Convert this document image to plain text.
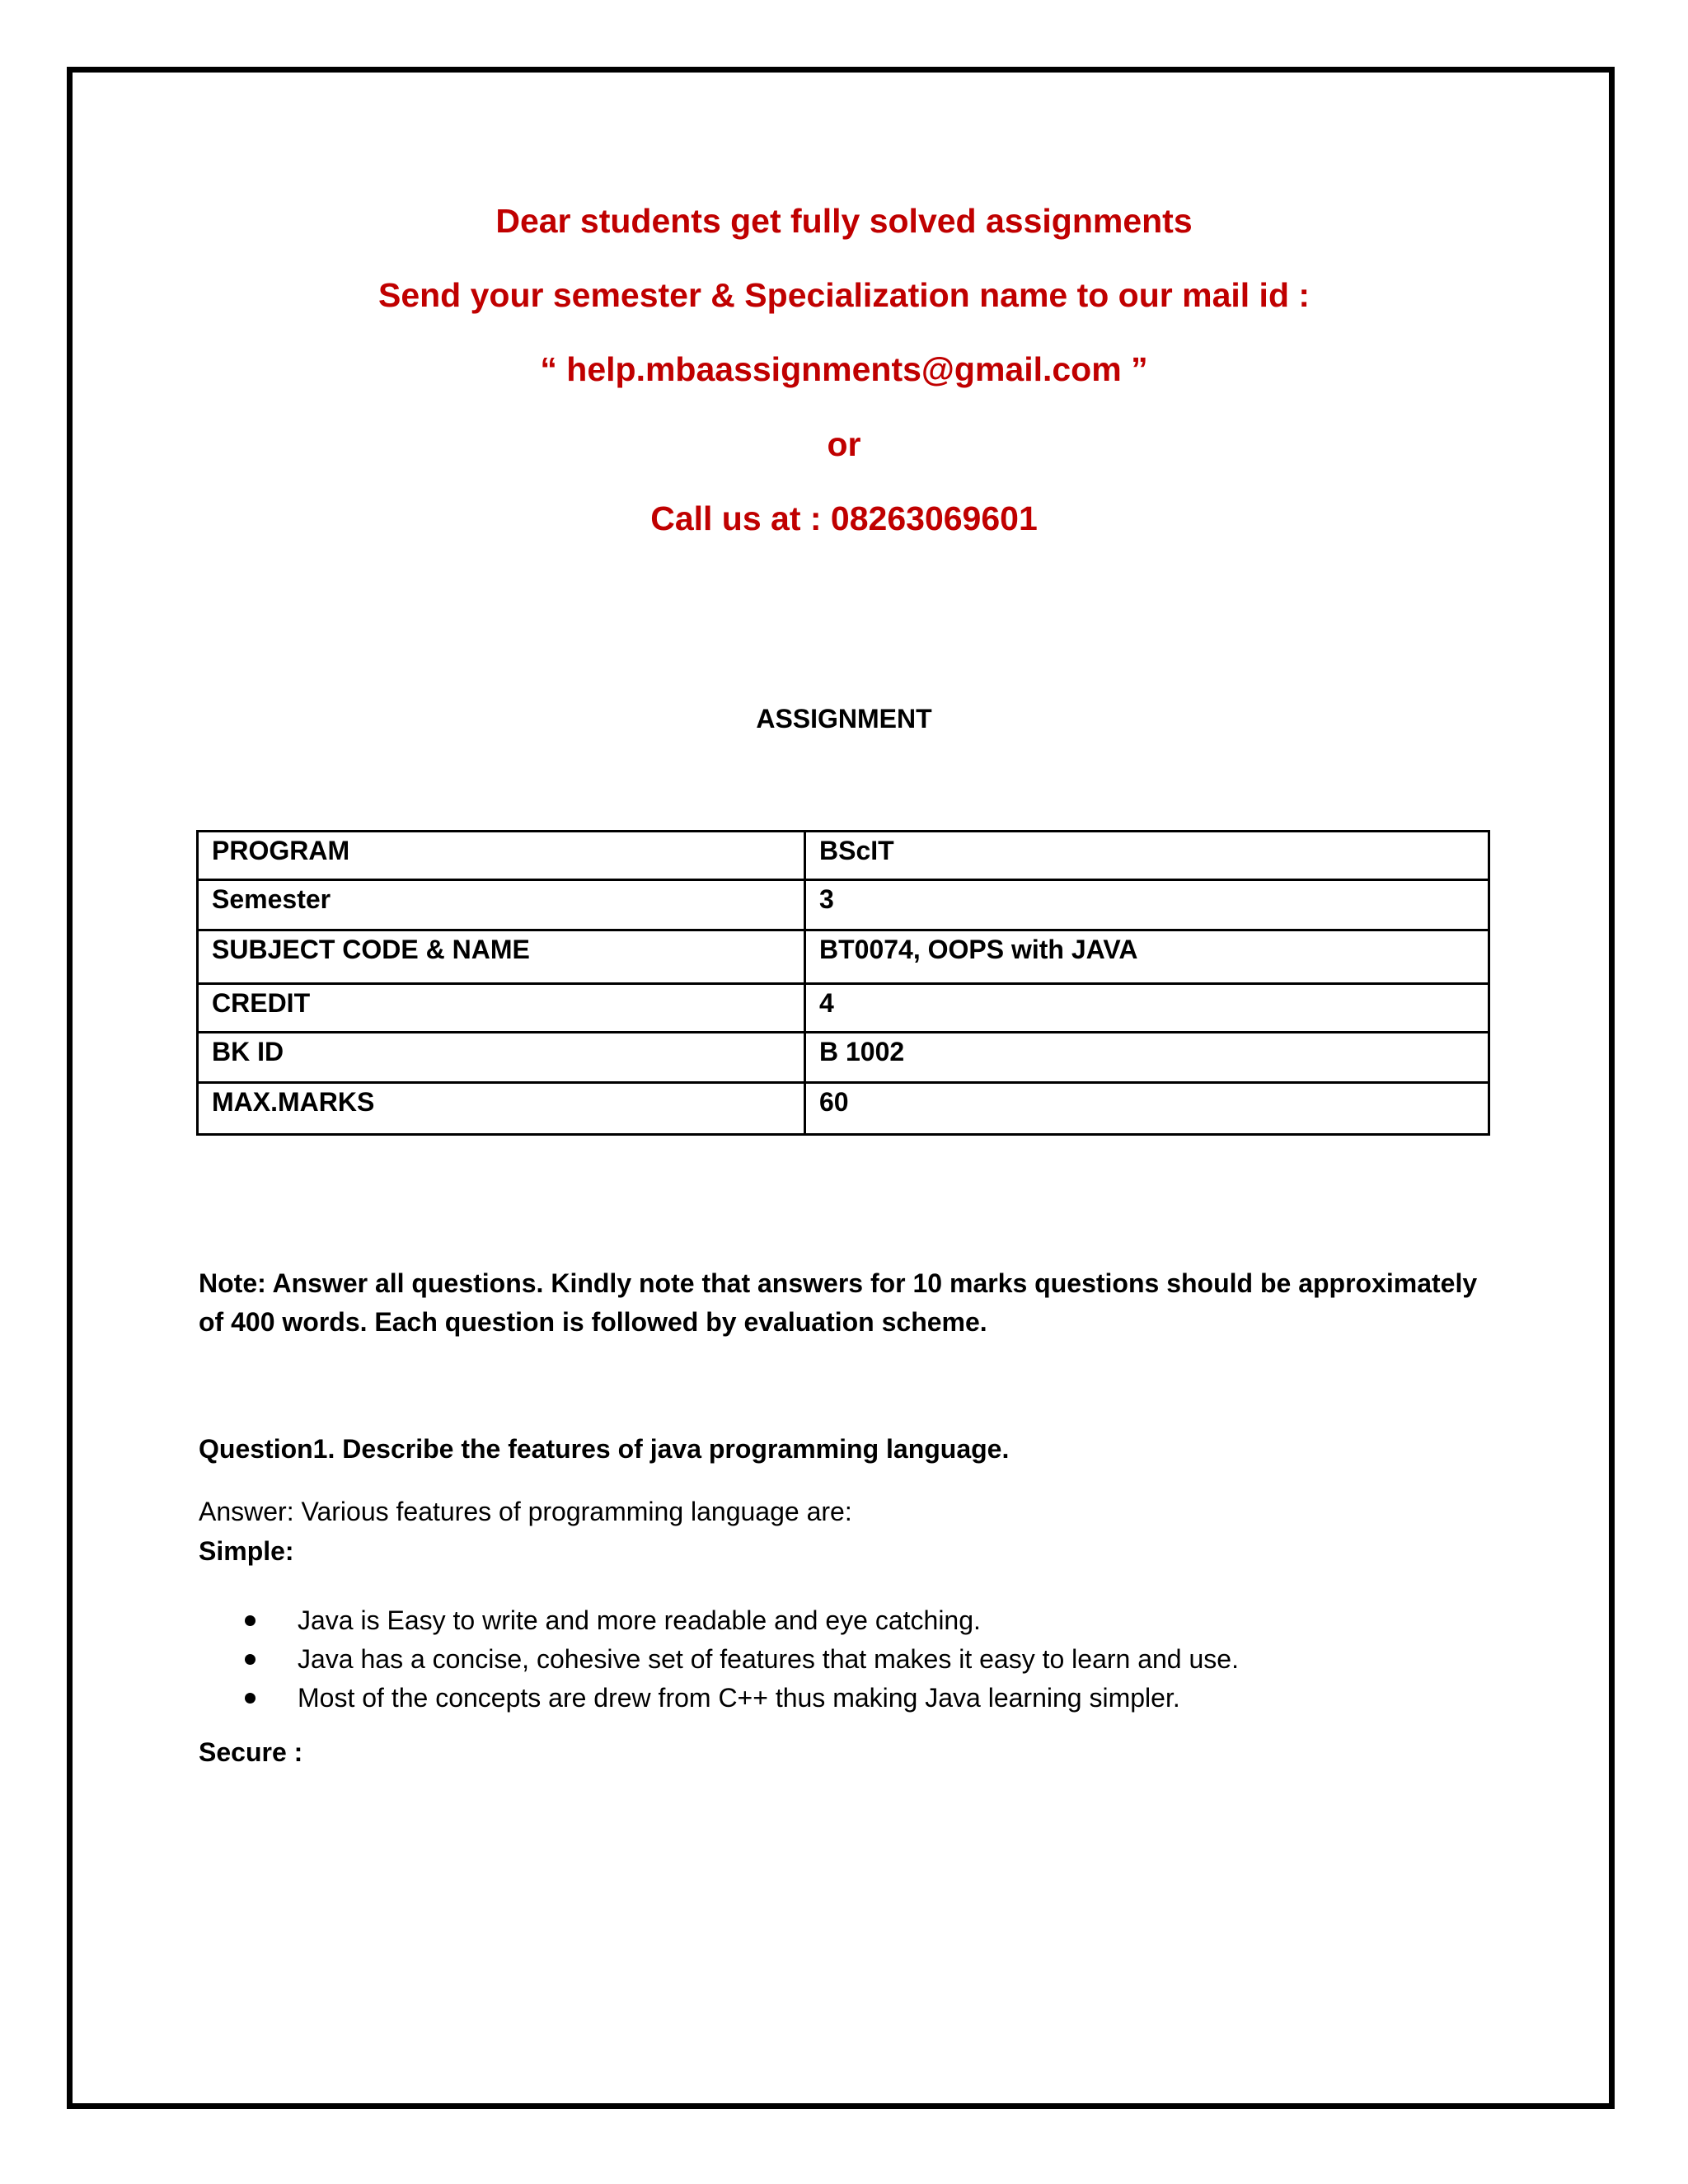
Dear students get fully solved assignments
Send your semester & Specialization name to our mail id :
“ help.mbaassignments@gmail.com ”
or
Call us at : 08263069601
ASSIGNMENT
PROGRAM	BScIT
Semester	3
SUBJECT CODE & NAME	BT0074, OOPS with JAVA
CREDIT	4
BK ID	B 1002
MAX.MARKS	60
Note: Answer all questions. Kindly note that answers for 10 marks questions should be approximately of 400 words. Each question is followed by evaluation scheme.
Question1. Describe the features of java programming language.
Answer: Various features of programming language are:
Simple:
Java is Easy to write and more readable and eye catching.
Java has a concise, cohesive set of features that makes it easy to learn and use.
Most of the concepts are drew from C++ thus making Java learning simpler.
Secure :
